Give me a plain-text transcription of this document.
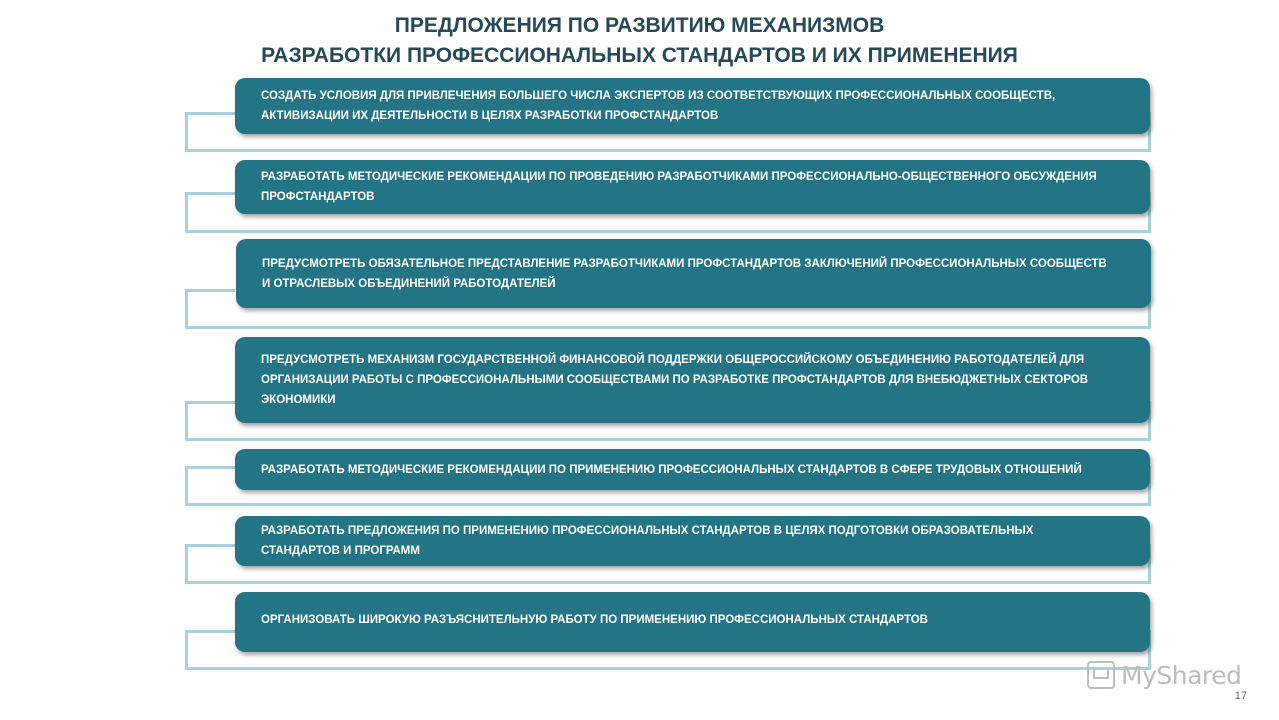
ПРЕДЛОЖЕНИЯ ПО РАЗВИТИЮ МЕХАНИЗМОВ
РАЗРАБОТКИ ПРОФЕССИОНАЛЬНЫХ СТАНДАРТОВ И ИХ ПРИМЕНЕНИЯ
СОЗДАТЬ УСЛОВИЯ ДЛЯ ПРИВЛЕЧЕНИЯ БОЛЬШЕГО ЧИСЛА ЭКСПЕРТОВ ИЗ СООТВЕТСТВУЮЩИХ ПРОФЕССИОНАЛЬНЫХ СООБЩЕСТВ, АКТИВИЗАЦИИ ИХ ДЕЯТЕЛЬНОСТИ В ЦЕЛЯХ РАЗРАБОТКИ ПРОФСТАНДАРТОВ
РАЗРАБОТАТЬ МЕТОДИЧЕСКИЕ РЕКОМЕНДАЦИИ ПО ПРОВЕДЕНИЮ РАЗРАБОТЧИКАМИ ПРОФЕССИОНАЛЬНО-ОБЩЕСТВЕННОГО ОБСУЖДЕНИЯ ПРОФСТАНДАРТОВ
ПРЕДУСМОТРЕТЬ ОБЯЗАТЕЛЬНОЕ ПРЕДСТАВЛЕНИЕ РАЗРАБОТЧИКАМИ ПРОФСТАНДАРТОВ ЗАКЛЮЧЕНИЙ ПРОФЕССИОНАЛЬНЫХ СООБЩЕСТВ И ОТРАСЛЕВЫХ ОБЪЕДИНЕНИЙ РАБОТОДАТЕЛЕЙ
ПРЕДУСМОТРЕТЬ МЕХАНИЗМ ГОСУДАРСТВЕННОЙ ФИНАНСОВОЙ ПОДДЕРЖКИ ОБЩЕРОССИЙСКОМУ ОБЪЕДИНЕНИЮ РАБОТОДАТЕЛЕЙ ДЛЯ ОРГАНИЗАЦИИ РАБОТЫ С ПРОФЕССИОНАЛЬНЫМИ СООБЩЕСТВАМИ ПО РАЗРАБОТКЕ ПРОФСТАНДАРТОВ ДЛЯ ВНЕБЮДЖЕТНЫХ СЕКТОРОВ ЭКОНОМИКИ
РАЗРАБОТАТЬ МЕТОДИЧЕСКИЕ РЕКОМЕНДАЦИИ ПО ПРИМЕНЕНИЮ ПРОФЕССИОНАЛЬНЫХ СТАНДАРТОВ В СФЕРЕ ТРУДОВЫХ ОТНОШЕНИЙ
РАЗРАБОТАТЬ ПРЕДЛОЖЕНИЯ ПО ПРИМЕНЕНИЮ ПРОФЕССИОНАЛЬНЫХ СТАНДАРТОВ В ЦЕЛЯХ ПОДГОТОВКИ ОБРАЗОВАТЕЛЬНЫХ СТАНДАРТОВ И ПРОГРАММ
ОРГАНИЗОВАТЬ ШИРОКУЮ РАЗЪЯСНИТЕЛЬНУЮ РАБОТУ ПО ПРИМЕНЕНИЮ ПРОФЕССИОНАЛЬНЫХ СТАНДАРТОВ
MyShared
17
